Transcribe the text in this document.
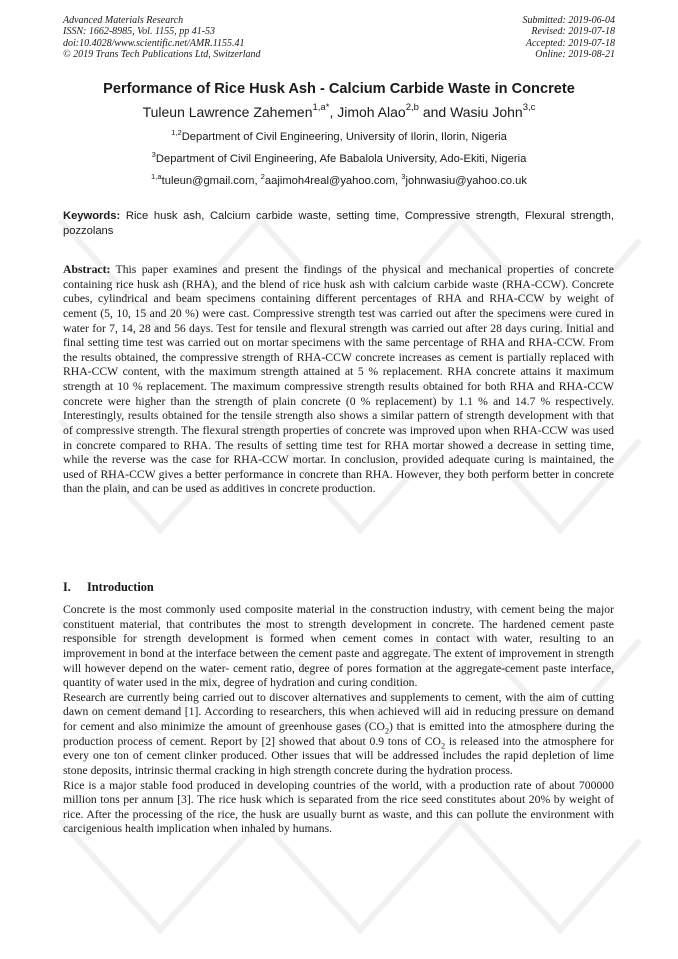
Advanced Materials Research
ISSN: 1662-8985, Vol. 1155, pp 41-53
doi:10.4028/www.scientific.net/AMR.1155.41
© 2019 Trans Tech Publications Ltd, Switzerland
Submitted: 2019-06-04
Revised: 2019-07-18
Accepted: 2019-07-18
Online: 2019-08-21
Performance of Rice Husk Ash - Calcium Carbide Waste in Concrete
Tuleun Lawrence Zahemen$^{1,a*}$, Jimoh Alao$^{2,b}$ and Wasiu John$^{3,c}$
$^{1,2}$Department of Civil Engineering, University of Ilorin, Ilorin, Nigeria
$^3$Department of Civil Engineering, Afe Babalola University, Ado-Ekiti, Nigeria
$^{1,a}$tuleun@gmail.com, $^2$aajimoh4real@yahoo.com, $^3$johnwasiu@yahoo.co.uk
Keywords: Rice husk ash, Calcium carbide waste, setting time, Compressive strength, Flexural strength, pozzolans

Abstract: This paper examines and present the findings of the physical and mechanical properties of concrete containing rice husk ash (RHA), and the blend of rice husk ash with calcium carbide waste (RHA-CCW). Concrete cubes, cylindrical and beam specimens containing different percentages of RHA and RHA-CCW by weight of cement (5, 10, 15 and 20 %) were cast. Compressive strength test was carried out after the specimens were cured in water for 7, 14, 28 and 56 days. Test for tensile and flexural strength was carried out after 28 days curing. Initial and final setting time test was carried out on mortar specimens with the same percentage of RHA and RHA-CCW. From the results obtained, the compressive strength of RHA-CCW concrete increases as cement is partially replaced with RHA-CCW content, with the maximum strength attained at 5 % replacement. RHA concrete attains it maximum strength at 10 % replacement. The maximum compressive strength results obtained for both RHA and RHA-CCW concrete were higher than the strength of plain concrete (0 % replacement) by 1.1 % and 14.7 % respectively. Interestingly, results obtained for the tensile strength also shows a similar pattern of strength development with that of compressive strength. The flexural strength properties of concrete was improved upon when RHA-CCW was used in concrete compared to RHA. The results of setting time test for RHA mortar showed a decrease in setting time, while the reverse was the case for RHA-CCW mortar. In conclusion, provided adequate curing is maintained, the used of RHA-CCW gives a better performance in concrete than RHA. However, they both perform better in concrete than the plain, and can be used as additives in concrete production.

I. Introduction

Concrete is the most commonly used composite material in the construction industry, with cement being the major constituent material, that contributes the most to strength development in concrete. The hardened cement paste responsible for strength development is formed when cement comes in contact with water, resulting to an improvement in bond at the interface between the cement paste and aggregate. The extent of improvement in strength will however depend on the water- cement ratio, degree of pores formation at the aggregate-cement paste interface, quantity of water used in the mix, degree of hydration and curing condition.

Research are currently being carried out to discover alternatives and supplements to cement, with the aim of cutting dawn on cement demand [1]. According to researchers, this when achieved will aid in reducing pressure on demand for cement and also minimize the amount of greenhouse gases $(CO_2)$ that is emitted into the atmosphere during the production process of cement. Report by [2] showed that about 0.9 tons of $CO_2$ is released into the atmosphere for every one ton of cement clinker produced. Other issues that will be addressed includes the rapid depletion of lime stone deposits, intrinsic thermal cracking in high strength concrete during the hydration process.

Rice is a major stable food produced in developing countries of the world, with a production rate of about 700000 million tons per annum [3]. The rice husk which is separated from the rice seed constitutes about 20% by weight of rice. After the processing of the rice, the husk are usually burnt as waste, and this can pollute the environment with carcigenious health implication when inhaled by humans.
